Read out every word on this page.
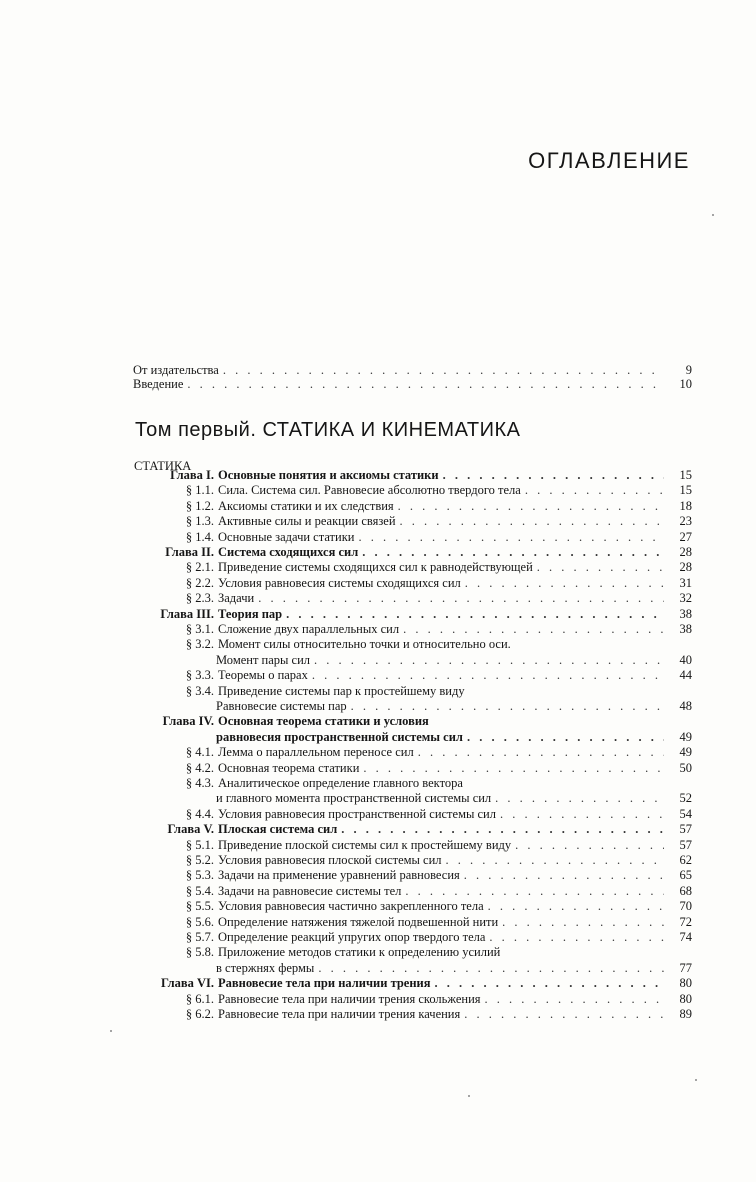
ОГЛАВЛЕНИЕ
От издательства . . .	9
Введение . . .	10
Том первый. СТАТИКА И КИНЕМАТИКА
СТАТИКА
Глава I. Основные понятия и аксиомы статики . . .	15
§ 1.1. Сила. Система сил. Равновесие абсолютно твердого тела . . .	15
§ 1.2. Аксиомы статики и их следствия . . .	18
§ 1.3. Активные силы и реакции связей . . .	23
§ 1.4. Основные задачи статики . . .	27
Глава II. Система сходящихся сил . . .	28
§ 2.1. Приведение системы сходящихся сил к равнодействующей . . .	28
§ 2.2. Условия равновесия системы сходящихся сил . . .	31
§ 2.3. Задачи . . .	32
Глава III. Теория пар . . .	38
§ 3.1. Сложение двух параллельных сил . . .	38
§ 3.2. Момент силы относительно точки и относительно оси.
Момент пары сил . . .	40
§ 3.3. Теоремы о парах . . .	44
§ 3.4. Приведение системы пар к простейшему виду
Равновесие системы пар . . .	48
Глава IV. Основная теорема статики и условия
равновесия пространственной системы сил . . .	49
§ 4.1. Лемма о параллельном переносе сил . . .	49
§ 4.2. Основная теорема статики . . .	50
§ 4.3. Аналитическое определение главного вектора
и главного момента пространственной системы сил . . .	52
§ 4.4. Условия равновесия пространственной системы сил . . .	54
Глава V. Плоская система сил . . .	57
§ 5.1. Приведение плоской системы сил к простейшему виду . . .	57
§ 5.2. Условия равновесия плоской системы сил . . .	62
§ 5.3. Задачи на применение уравнений равновесия . . .	65
§ 5.4. Задачи на равновесие системы тел . . .	68
§ 5.5. Условия равновесия частично закрепленного тела . . .	70
§ 5.6. Определение натяжения тяжелой подвешенной нити . . .	72
§ 5.7. Определение реакций упругих опор твердого тела . . .	74
§ 5.8. Приложение методов статики к определению усилий
в стержнях фермы . . .	77
Глава VI. Равновесие тела при наличии трения . . .	80
§ 6.1. Равновесие тела при наличии трения скольжения . . .	80
§ 6.2. Равновесие тела при наличии трения качения . . .	89
